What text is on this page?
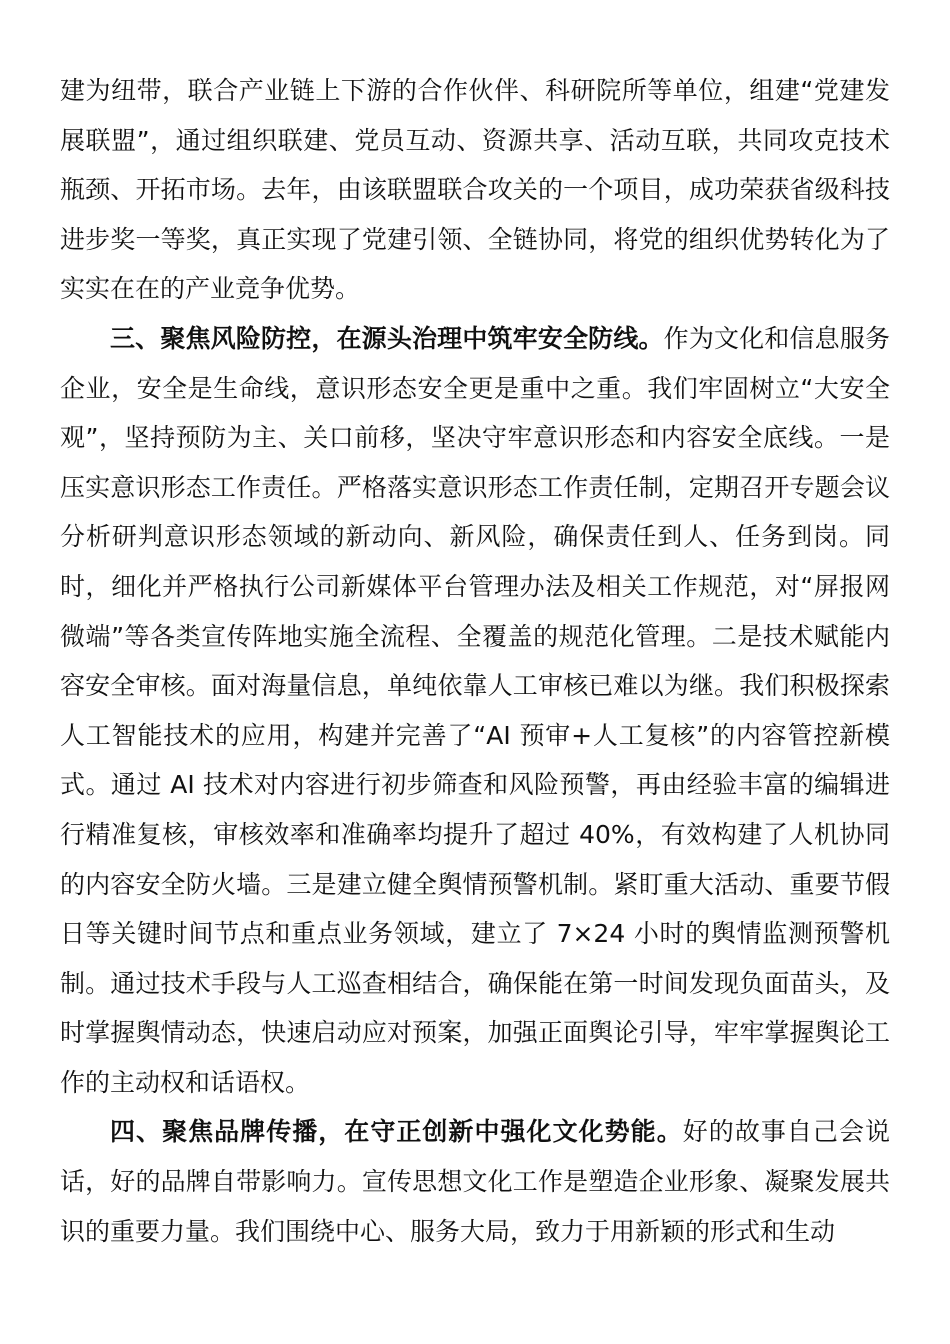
建为纽带，联合产业链上下游的合作伙伴、科研院所等单位，组建“党建发展联盟”，通过组织联建、党员互动、资源共享、活动互联，共同攻克技术瓶颈、开拓市场。去年，由该联盟联合攻关的一个项目，成功荣获省级科技进步奖一等奖，真正实现了党建引领、全链协同，将党的组织优势转化为了实实在在的产业竞争优势。

三、聚焦风险防控，在源头治理中筑牢安全防线。作为文化和信息服务企业，安全是生命线，意识形态安全更是重中之重。我们牢固树立“大安全观”，坚持预防为主、关口前移，坚决守牢意识形态和内容安全底线。一是压实意识形态工作责任。严格落实意识形态工作责任制，定期召开专题会议分析研判意识形态领域的新动向、新风险，确保责任到人、任务到岗。同时，细化并严格执行公司新媒体平台管理办法及相关工作规范，对“屏报网微端”等各类宣传阵地实施全流程、全覆盖的规范化管理。二是技术赋能内容安全审核。面对海量信息，单纯依靠人工审核已难以为继。我们积极探索人工智能技术的应用，构建并完善了“AI 预审+人工复核”的内容管控新模式。通过 AI 技术对内容进行初步筛查和风险预警，再由经验丰富的编辑进行精准复核，审核效率和准确率均提升了超过 40%，有效构建了人机协同的内容安全防火墙。三是建立健全舆情预警机制。紧盯重大活动、重要节假日等关键时间节点和重点业务领域，建立了 7×24 小时的舆情监测预警机制。通过技术手段与人工巡查相结合，确保能在第一时间发现负面苗头，及时掌握舆情动态，快速启动应对预案，加强正面舆论引导，牢牢掌握舆论工作的主动权和话语权。

四、聚焦品牌传播，在守正创新中强化文化势能。好的故事自己会说话，好的品牌自带影响力。宣传思想文化工作是塑造企业形象、凝聚发展共识的重要力量。我们围绕中心、服务大局，致力于用新颖的形式和生动
